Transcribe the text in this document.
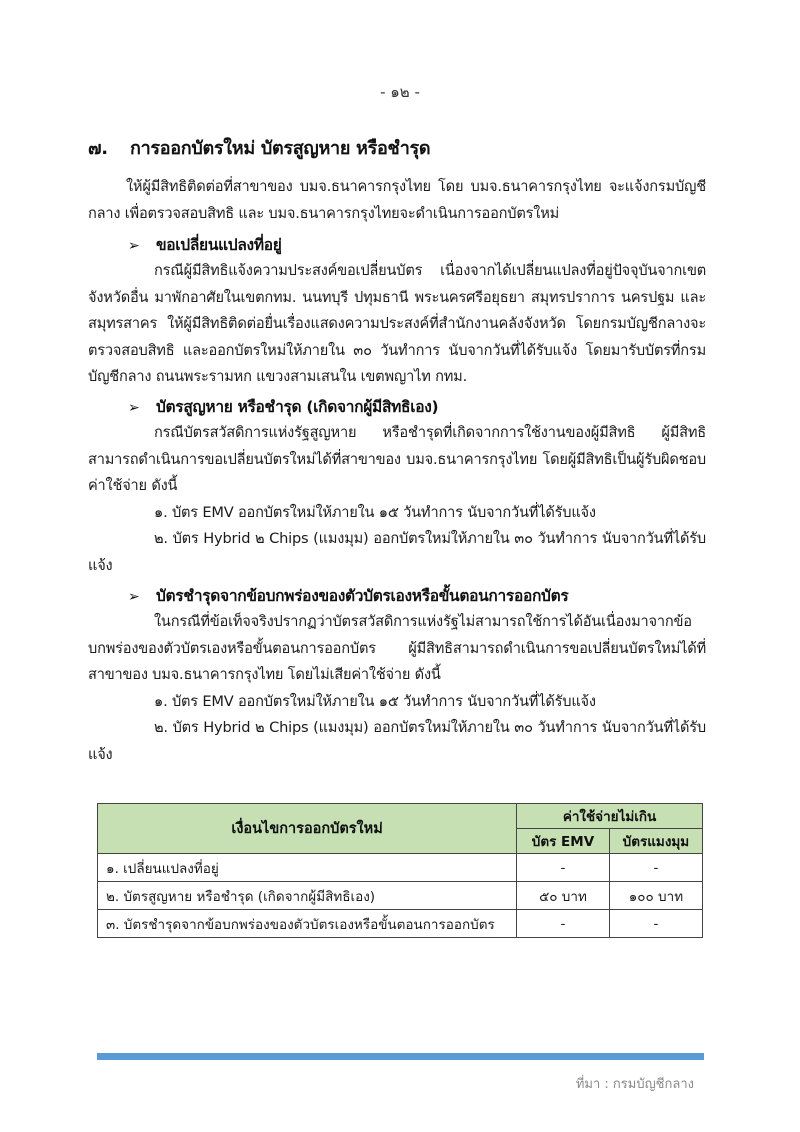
- ๑๒ -
๗. การออกบัตรใหม่ บัตรสูญหาย หรือชำรุด

ให้ผู้มีสิทธิติดต่อที่สาขาของ บมจ.ธนาคารกรุงไทย โดย บมจ.ธนาคารกรุงไทย จะแจ้งกรมบัญชีกลาง เพื่อตรวจสอบสิทธิ และ บมจ.ธนาคารกรุงไทยจะดำเนินการออกบัตรใหม่

➢ ขอเปลี่ยนแปลงที่อยู่

กรณีผู้มีสิทธิแจ้งความประสงค์ขอเปลี่ยนบัตร เนื่องจากได้เปลี่ยนแปลงที่อยู่ปัจจุบันจากเขตจังหวัดอื่น มาพักอาศัยในเขตกทม. นนทบุรี ปทุมธานี พระนครศรีอยุธยา สมุทรปราการ นครปฐม และสมุทรสาคร ให้ผู้มีสิทธิติดต่อยื่นเรื่องแสดงความประสงค์ที่สำนักงานคลังจังหวัด โดยกรมบัญชีกลางจะตรวจสอบสิทธิ และออกบัตรใหม่ให้ภายใน ๓๐ วันทำการ นับจากวันที่ได้รับแจ้ง โดยมารับบัตรที่กรมบัญชีกลาง ถนนพระรามหก แขวงสามเสนใน เขตพญาไท กทม.

➢ บัตรสูญหาย หรือชำรุด (เกิดจากผู้มีสิทธิเอง)

กรณีบัตรสวัสดิการแห่งรัฐสูญหาย หรือชำรุดที่เกิดจากการใช้งานของผู้มีสิทธิ ผู้มีสิทธิสามารถดำเนินการขอเปลี่ยนบัตรใหม่ได้ที่สาขาของ บมจ.ธนาคารกรุงไทย โดยผู้มีสิทธิเป็นผู้รับผิดชอบค่าใช้จ่าย ดังนี้

๑. บัตร EMV ออกบัตรใหม่ให้ภายใน ๑๕ วันทำการ นับจากวันที่ได้รับแจ้ง

๒. บัตร Hybrid ๒ Chips (แมงมุม) ออกบัตรใหม่ให้ภายใน ๓๐ วันทำการ นับจากวันที่ได้รับแจ้ง

➢ บัตรชำรุดจากข้อบกพร่องของตัวบัตรเองหรือขั้นตอนการออกบัตร

ในกรณีที่ข้อเท็จจริงปรากฏว่าบัตรสวัสดิการแห่งรัฐไม่สามารถใช้การได้อันเนื่องมาจากข้อบกพร่องของตัวบัตรเองหรือขั้นตอนการออกบัตร ผู้มีสิทธิสามารถดำเนินการขอเปลี่ยนบัตรใหม่ได้ที่สาขาของ บมจ.ธนาคารกรุงไทย โดยไม่เสียค่าใช้จ่าย ดังนี้

๑. บัตร EMV ออกบัตรใหม่ให้ภายใน ๑๕ วันทำการ นับจากวันที่ได้รับแจ้ง

๒. บัตร Hybrid ๒ Chips (แมงมุม) ออกบัตรใหม่ให้ภายใน ๓๐ วันทำการ นับจากวันที่ได้รับแจ้ง

เงื่อนไขการออกบัตรใหม่	ค่าใช้จ่ายไม่เกิน	
	บัตร EMV	บัตรแมงมุม
๑. เปลี่ยนแปลงที่อยู่	-	-
๒. บัตรสูญหาย หรือชำรุด (เกิดจากผู้มีสิทธิเอง)	๕๐ บาท	๑๐๐ บาท
๓. บัตรชำรุดจากข้อบกพร่องของตัวบัตรเองหรือขั้นตอนการออกบัตร	-	-
ที่มา : กรมบัญชีกลาง
